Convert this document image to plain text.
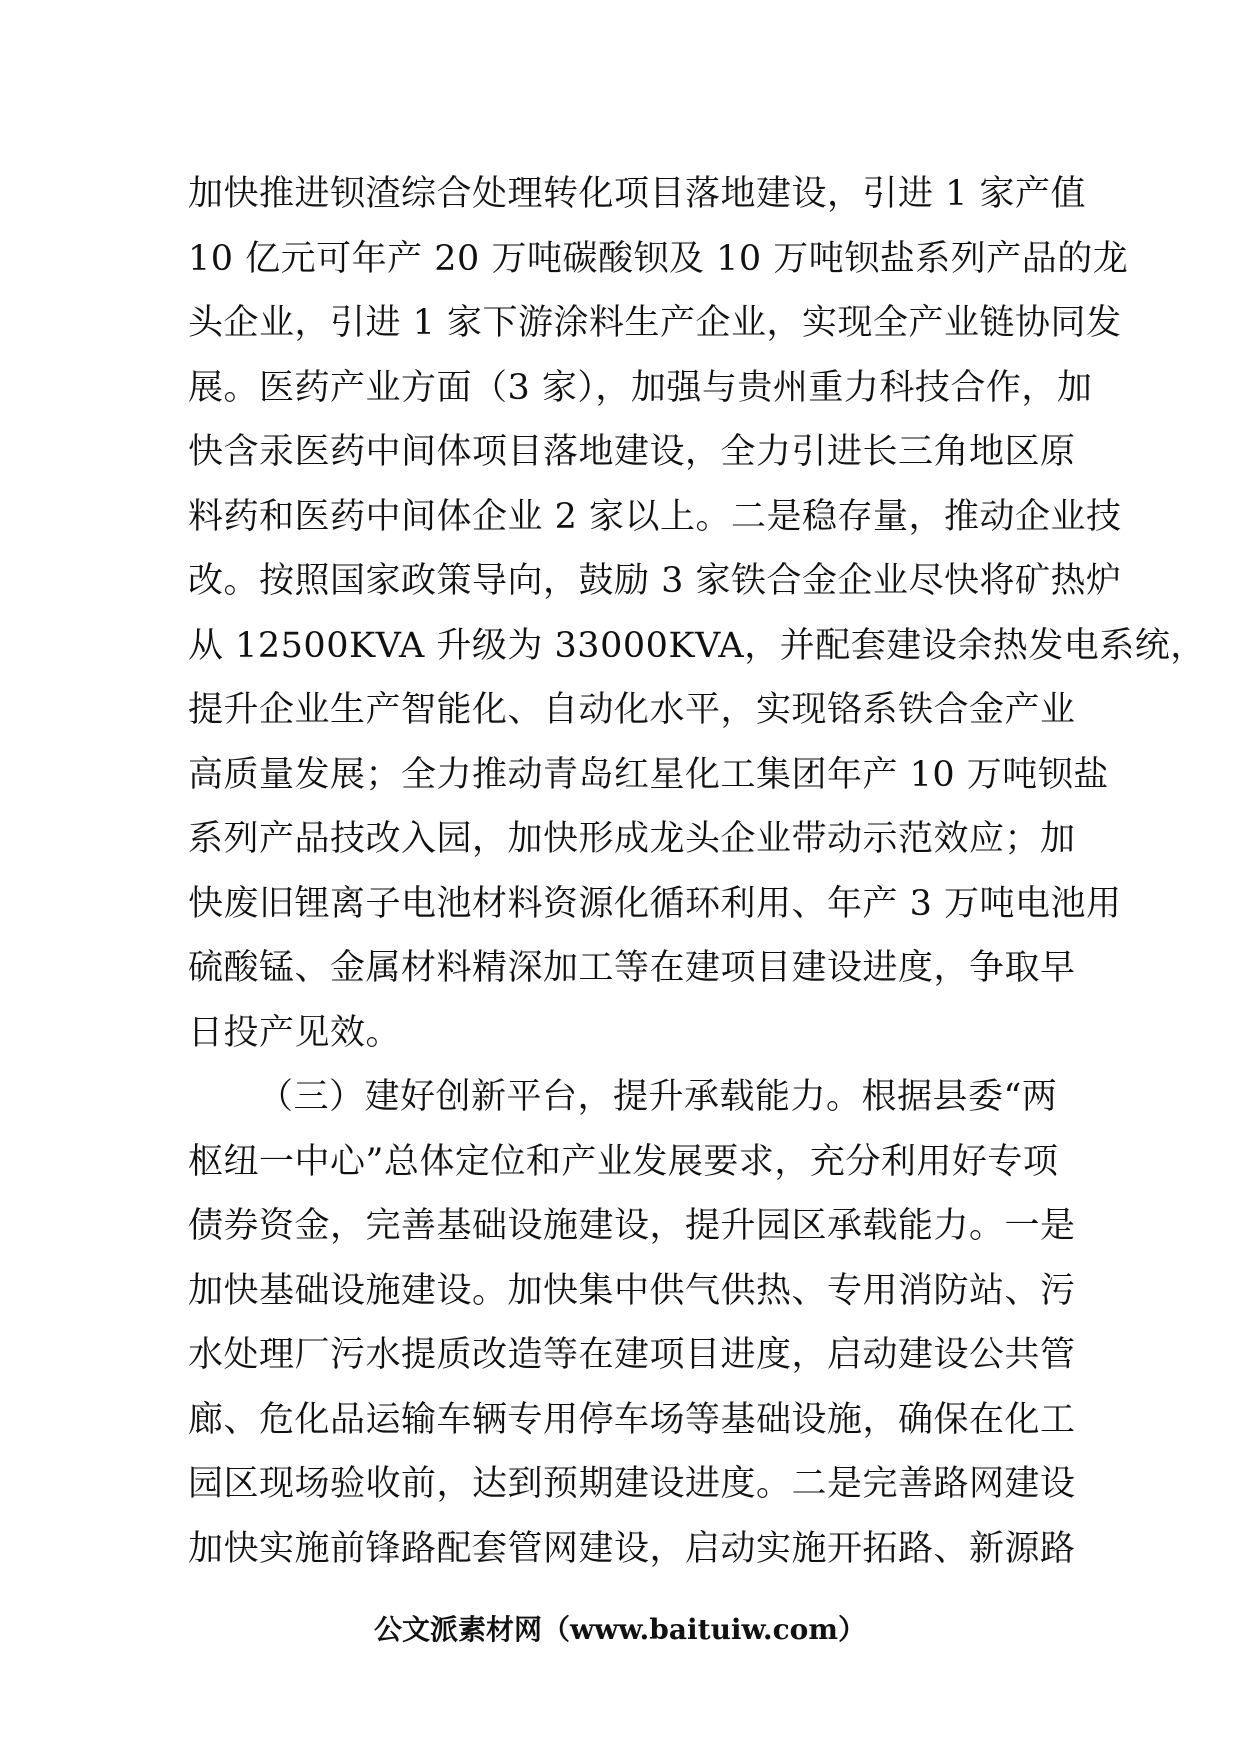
加快推进钡渣综合处理转化项目落地建设，引进 1 家产值
10 亿元可年产 20 万吨碳酸钡及 10 万吨钡盐系列产品的龙
头企业，引进 1 家下游涂料生产企业，实现全产业链协同发
展。医药产业方面（3 家），加强与贵州重力科技合作，加
快含汞医药中间体项目落地建设，全力引进长三角地区原
料药和医药中间体企业 2 家以上。二是稳存量，推动企业技
改。按照国家政策导向，鼓励 3 家铁合金企业尽快将矿热炉
从 12500KVA 升级为 33000KVA，并配套建设余热发电系统，
提升企业生产智能化、自动化水平，实现铬系铁合金产业
高质量发展；全力推动青岛红星化工集团年产 10 万吨钡盐
系列产品技改入园，加快形成龙头企业带动示范效应；加
快废旧锂离子电池材料资源化循环利用、年产 3 万吨电池用
硫酸锰、金属材料精深加工等在建项目建设进度，争取早
日投产见效。
（三）建好创新平台，提升承载能力。根据县委“两
枢纽一中心”总体定位和产业发展要求，充分利用好专项
债券资金，完善基础设施建设，提升园区承载能力。一是
加快基础设施建设。加快集中供气供热、专用消防站、污
水处理厂污水提质改造等在建项目进度，启动建设公共管
廊、危化品运输车辆专用停车场等基础设施，确保在化工
园区现场验收前，达到预期建设进度。二是完善路网建设
加快实施前锋路配套管网建设，启动实施开拓路、新源路
公文派素材网（www.baituiw.com）
